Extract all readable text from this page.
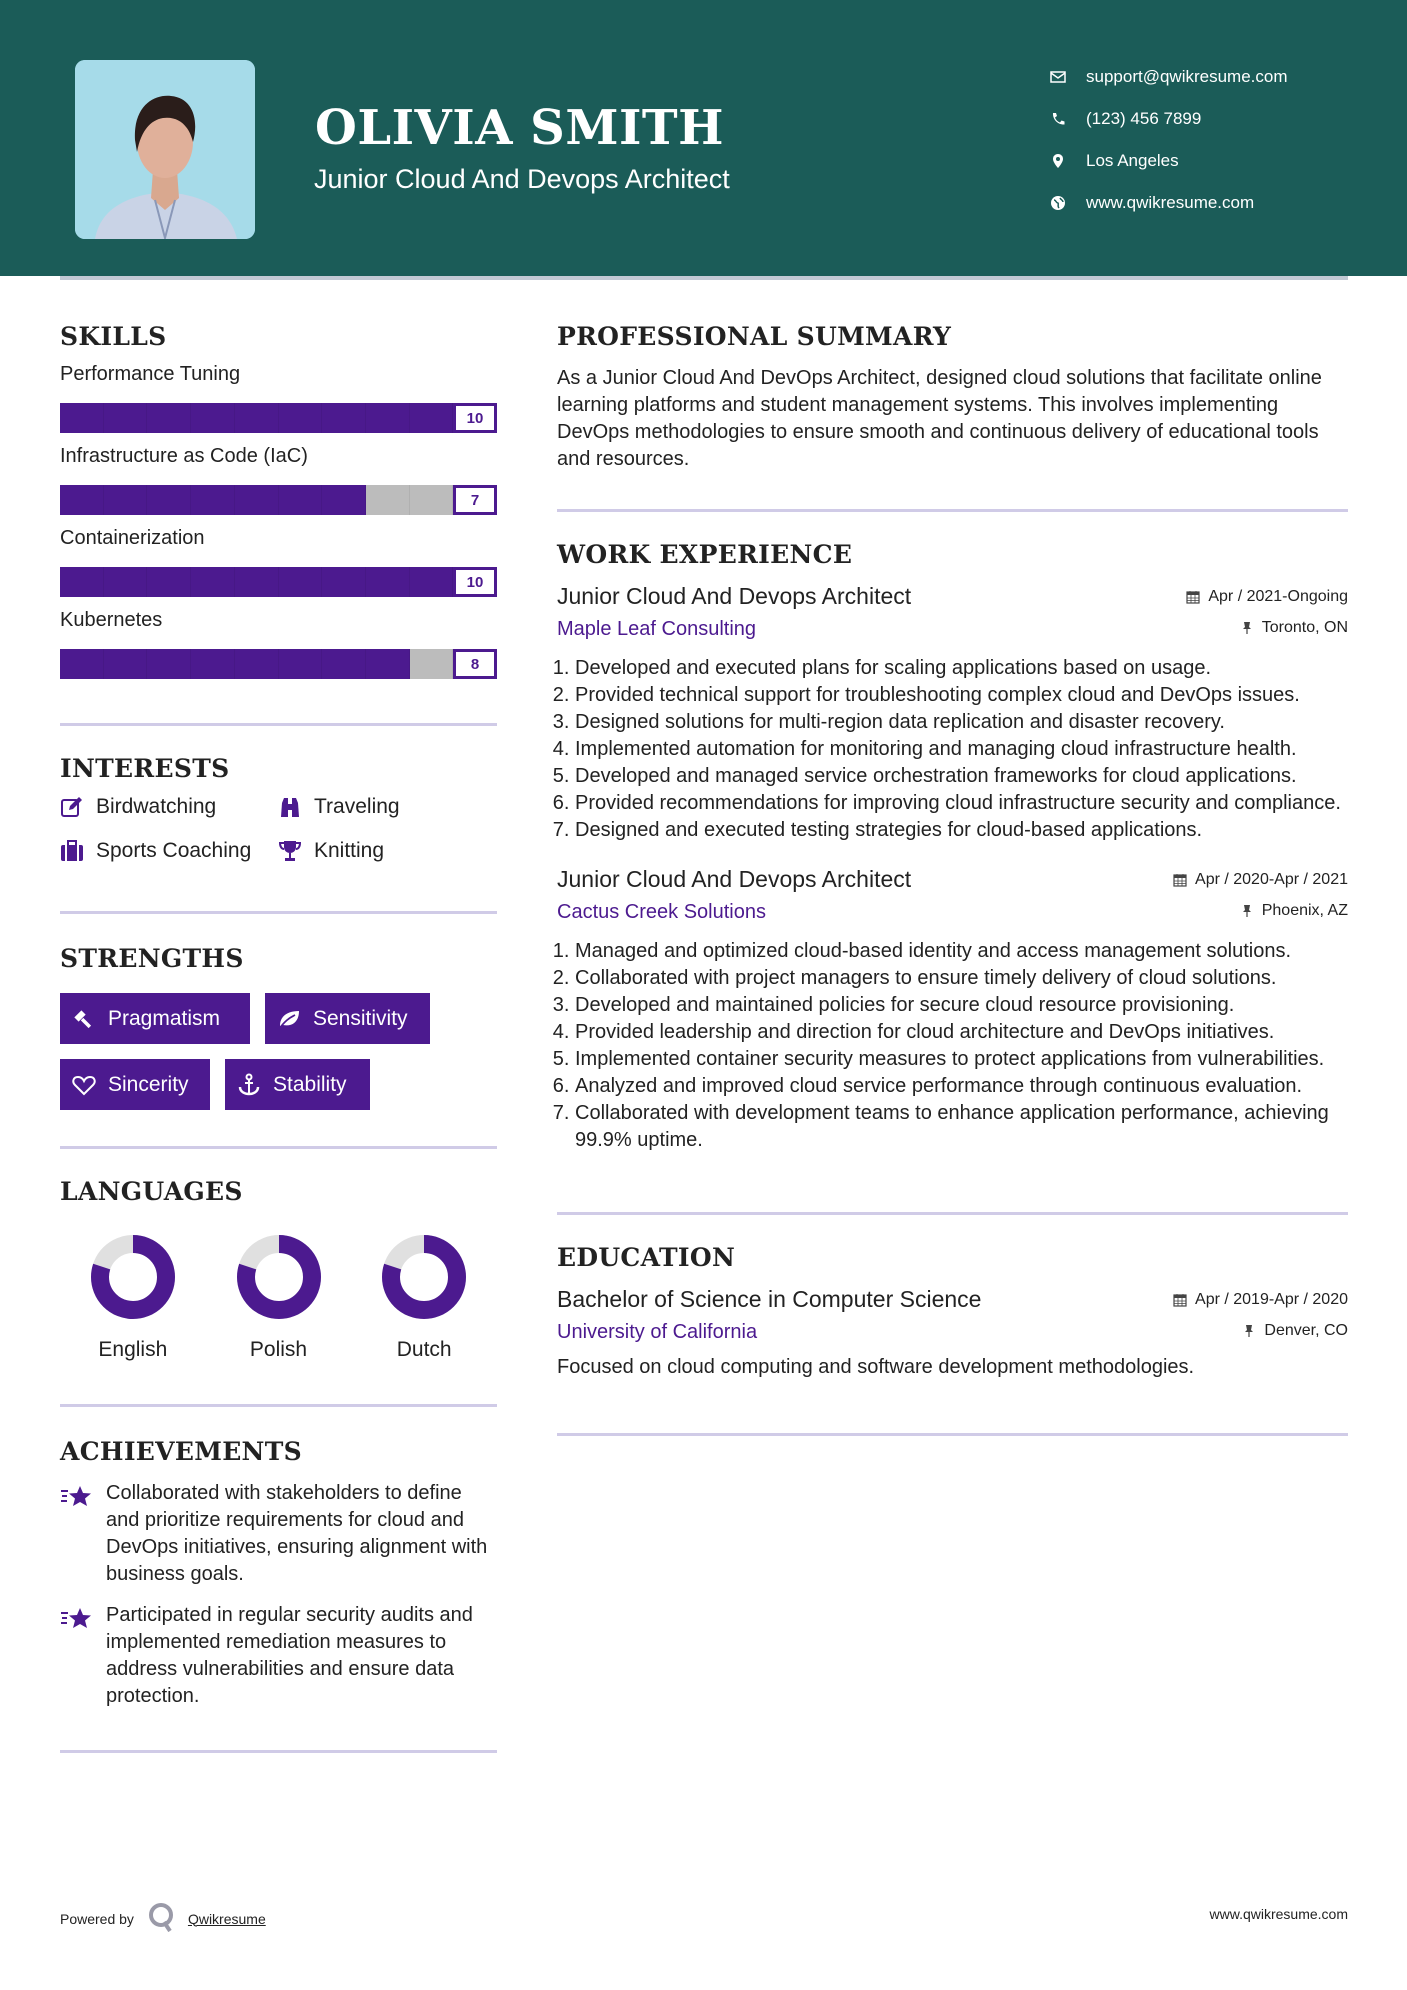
OLIVIA SMITH
Junior Cloud And Devops Architect
support@qwikresume.com
(123) 456 7899
Los Angeles
www.qwikresume.com
SKILLS
Performance Tuning
10
Infrastructure as Code (IaC)
7
Containerization
10
Kubernetes
8
INTERESTS
Birdwatching	Traveling
Sports Coaching	Knitting
STRENGTHS
Pragmatism	Sensitivity
Sincerity	Stability
LANGUAGES
English	Polish	Dutch
ACHIEVEMENTS
Collaborated with stakeholders to define and prioritize requirements for cloud and DevOps initiatives, ensuring alignment with business goals.
Participated in regular security audits and implemented remediation measures to address vulnerabilities and ensure data protection.
PROFESSIONAL SUMMARY
As a Junior Cloud And DevOps Architect, designed cloud solutions that facilitate online learning platforms and student management systems. This involves implementing DevOps methodologies to ensure smooth and continuous delivery of educational tools and resources.
WORK EXPERIENCE
Junior Cloud And Devops Architect	Apr / 2021-Ongoing
Maple Leaf Consulting	Toronto, ON
1. Developed and executed plans for scaling applications based on usage.
2. Provided technical support for troubleshooting complex cloud and DevOps issues.
3. Designed solutions for multi-region data replication and disaster recovery.
4. Implemented automation for monitoring and managing cloud infrastructure health.
5. Developed and managed service orchestration frameworks for cloud applications.
6. Provided recommendations for improving cloud infrastructure security and compliance.
7. Designed and executed testing strategies for cloud-based applications.
Junior Cloud And Devops Architect	Apr / 2020-Apr / 2021
Cactus Creek Solutions	Phoenix, AZ
1. Managed and optimized cloud-based identity and access management solutions.
2. Collaborated with project managers to ensure timely delivery of cloud solutions.
3. Developed and maintained policies for secure cloud resource provisioning.
4. Provided leadership and direction for cloud architecture and DevOps initiatives.
5. Implemented container security measures to protect applications from vulnerabilities.
6. Analyzed and improved cloud service performance through continuous evaluation.
7. Collaborated with development teams to enhance application performance, achieving 99.9% uptime.
EDUCATION
Bachelor of Science in Computer Science	Apr / 2019-Apr / 2020
University of California	Denver, CO
Focused on cloud computing and software development methodologies.
Powered by	Qwikresume	www.qwikresume.com
